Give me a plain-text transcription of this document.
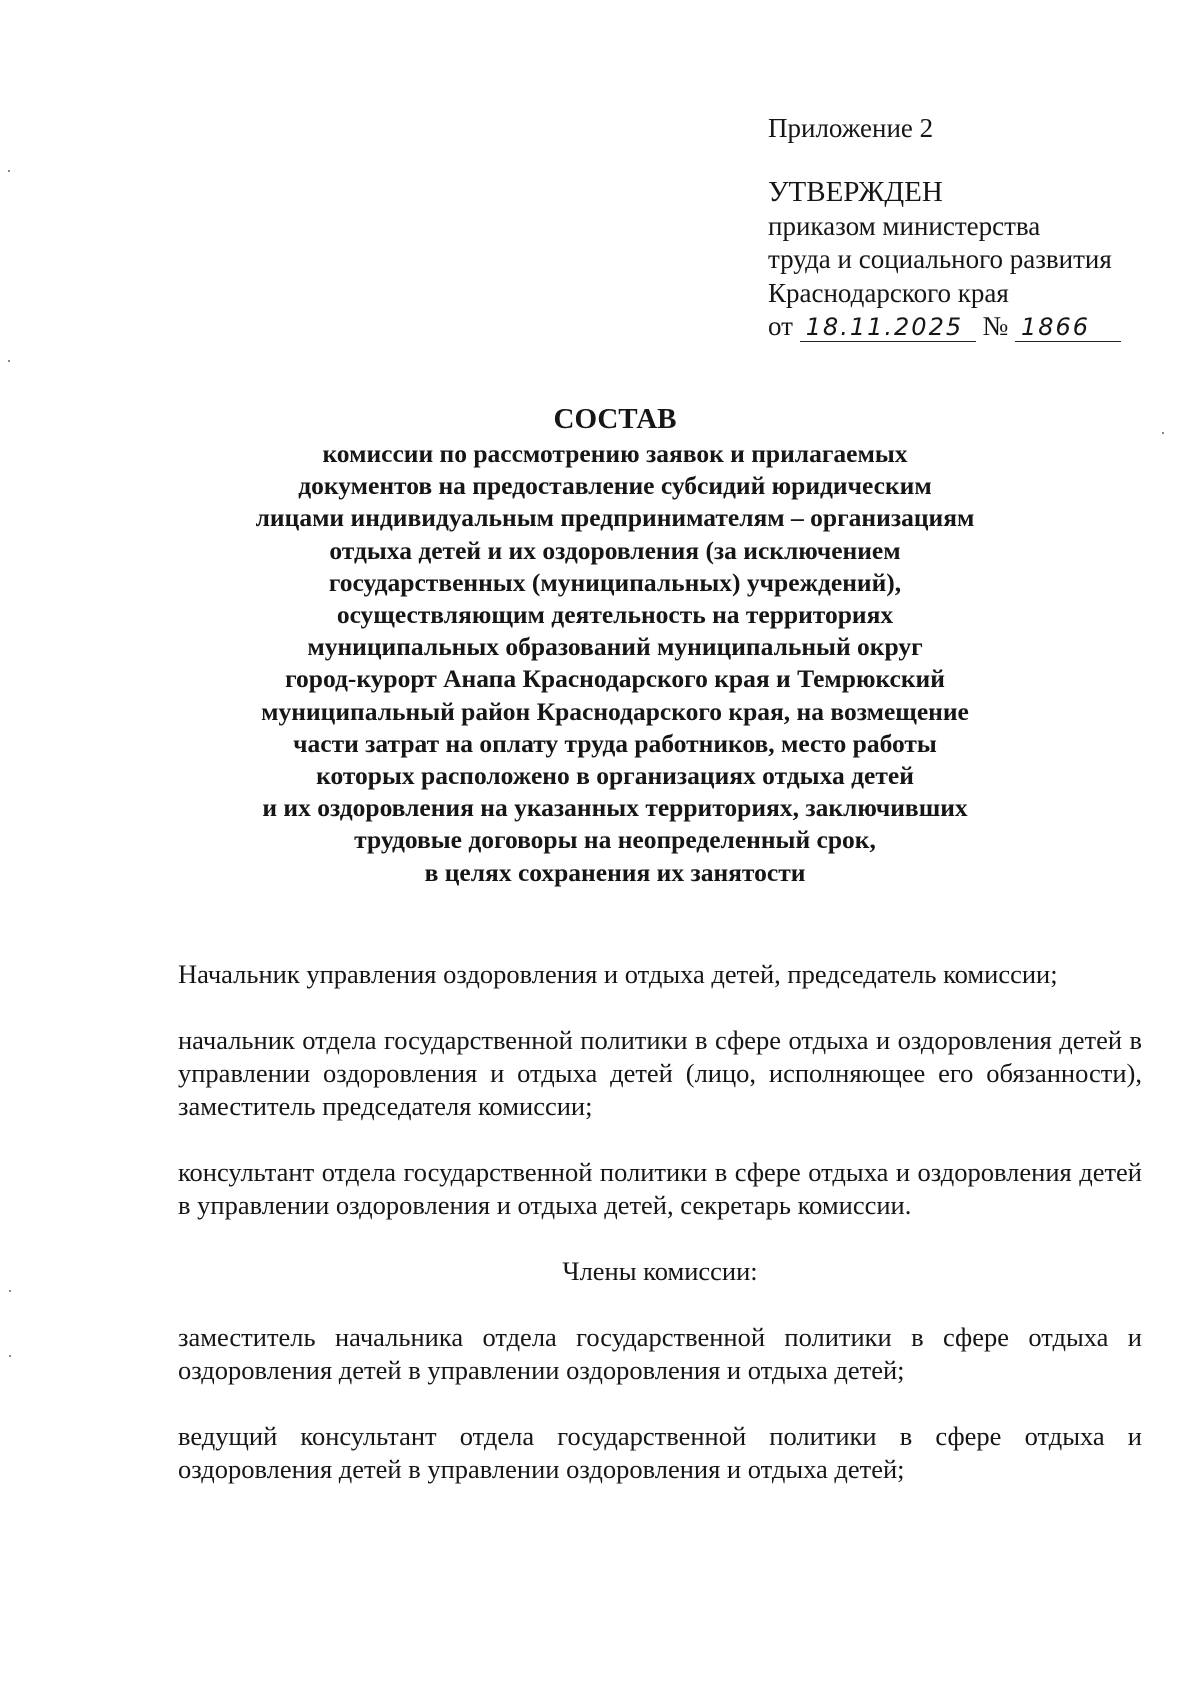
Приложение 2

УТВЕРЖДЕН

приказом министерства

труда и социального развития

Краснодарского края

от 18.11.2025 № 1866

СОСТАВ

комиссии по рассмотрению заявок и прилагаемых

документов на предоставление субсидий юридическим

лицами индивидуальным предпринимателям – организациям

отдыха детей и их оздоровления (за исключением

государственных (муниципальных) учреждений),

осуществляющим деятельность на территориях

муниципальных образований муниципальный округ

город-курорт Анапа Краснодарского края и Темрюкский

муниципальный район Краснодарского края, на возмещение

части затрат на оплату труда работников, место работы

которых расположено в организациях отдыха детей

и их оздоровления на указанных территориях, заключивших

трудовые договоры на неопределенный срок,

в целях сохранения их занятости

Начальник управления оздоровления и отдыха детей, председатель комиссии;

начальник отдела государственной политики в сфере отдыха и оздоровления детей в управлении оздоровления и отдыха детей (лицо, исполняющее его обязанности), заместитель председателя комиссии;

консультант отдела государственной политики в сфере отдыха и оздоровления детей в управлении оздоровления и отдыха детей, секретарь комиссии.

Члены комиссии:

заместитель начальника отдела государственной политики в сфере отдыха и оздоровления детей в управлении оздоровления и отдыха детей;

ведущий консультант отдела государственной политики в сфере отдыха и оздоровления детей в управлении оздоровления и отдыха детей;
